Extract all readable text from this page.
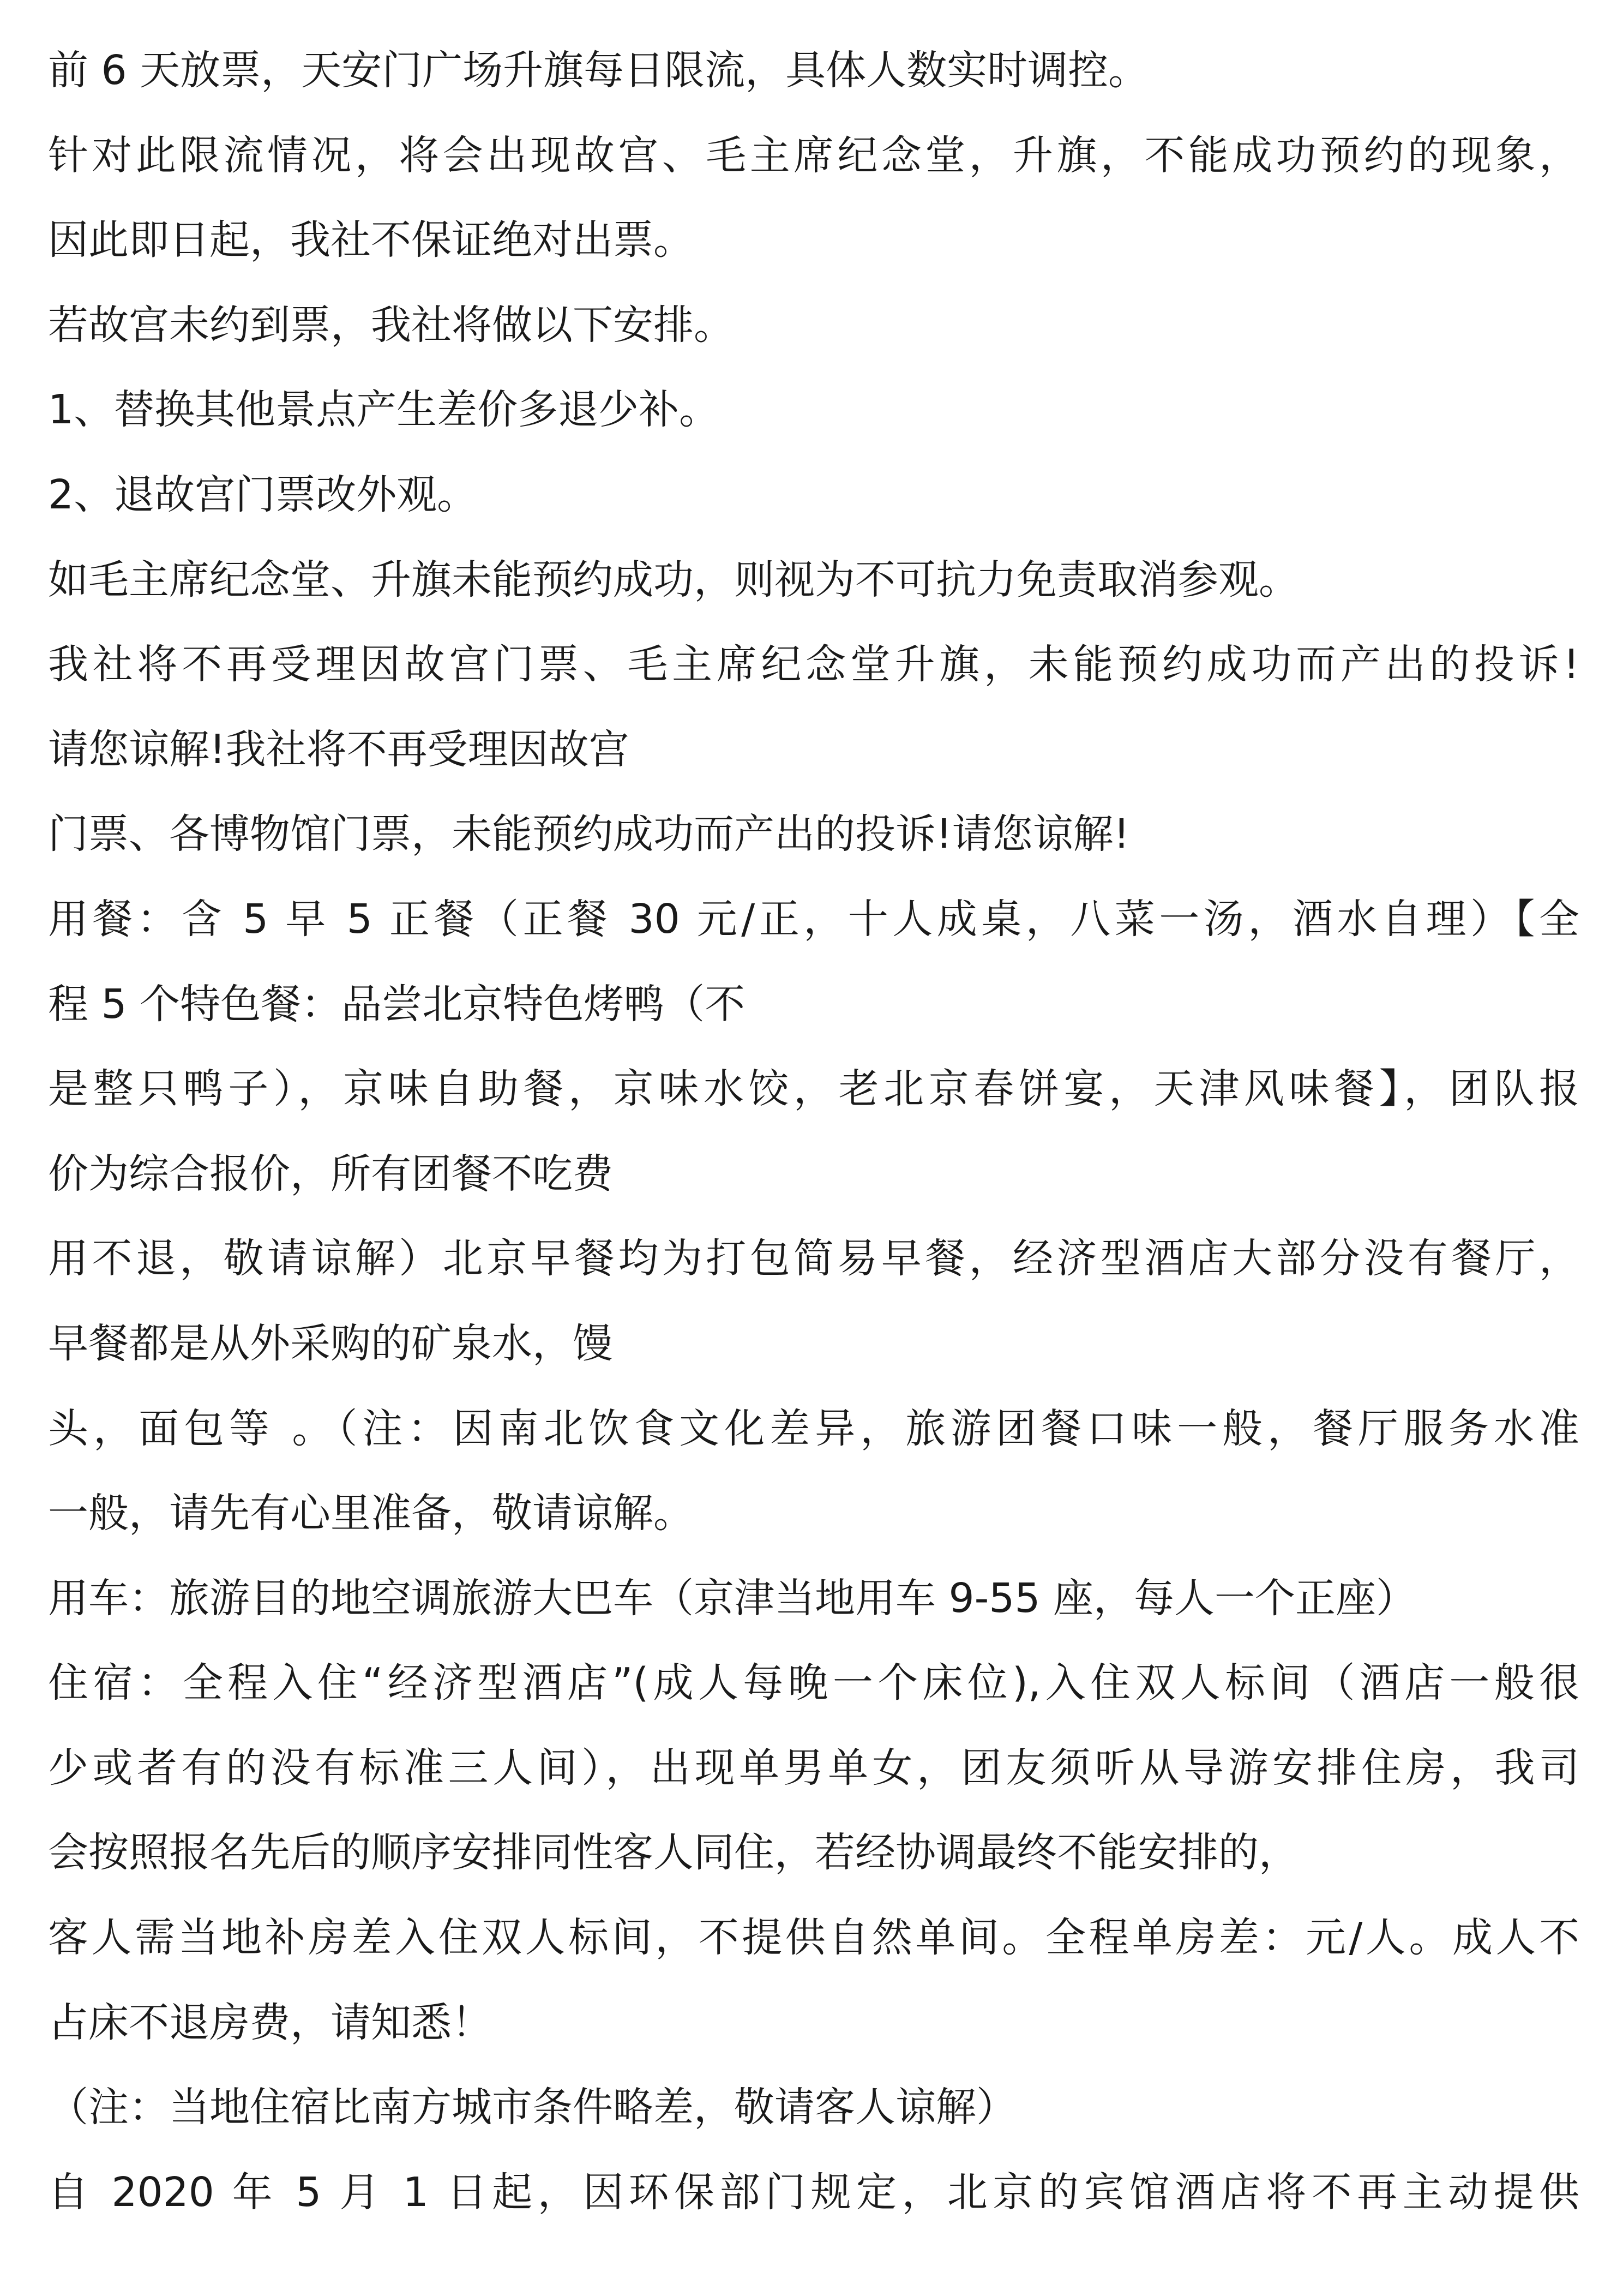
前 6 天放票，天安门广场升旗每日限流，具体人数实时调控。

针对此限流情况，将会出现故宫、毛主席纪念堂，升旗，不能成功预约的现象，

因此即日起，我社不保证绝对出票。

若故宫未约到票，我社将做以下安排。

1、替换其他景点产生差价多退少补。

2、退故宫门票改外观。

如毛主席纪念堂、升旗未能预约成功，则视为不可抗力免责取消参观。

我社将不再受理因故宫门票、毛主席纪念堂升旗，未能预约成功而产出的投诉!

请您谅解!我社将不再受理因故宫

门票、各博物馆门票，未能预约成功而产出的投诉!请您谅解!

用餐：含 5 早 5 正餐（正餐 30 元/正，十人成桌，八菜一汤，酒水自理）【全

程 5 个特色餐：品尝北京特色烤鸭（不

是整只鸭子），京味自助餐，京味水饺，老北京春饼宴，天津风味餐】，团队报

价为综合报价，所有团餐不吃费

用不退，敬请谅解）北京早餐均为打包简易早餐，经济型酒店大部分没有餐厅，

早餐都是从外采购的矿泉水，馒

头，面包等 。（注：因南北饮食文化差异，旅游团餐口味一般，餐厅服务水准

一般，请先有心里准备，敬请谅解。

用车：旅游目的地空调旅游大巴车（京津当地用车 9-55 座，每人一个正座）

住宿：全程入住“经济型酒店”(成人每晚一个床位),入住双人标间（酒店一般很

少或者有的没有标准三人间），出现单男单女，团友须听从导游安排住房，我司

会按照报名先后的顺序安排同性客人同住，若经协调最终不能安排的，

客人需当地补房差入住双人标间，不提供自然单间。全程单房差：元/人。成人不

占床不退房费，请知悉！

（注：当地住宿比南方城市条件略差，敬请客人谅解）

自 2020 年 5 月 1 日起，因环保部门规定，北京的宾馆酒店将不再主动提供
